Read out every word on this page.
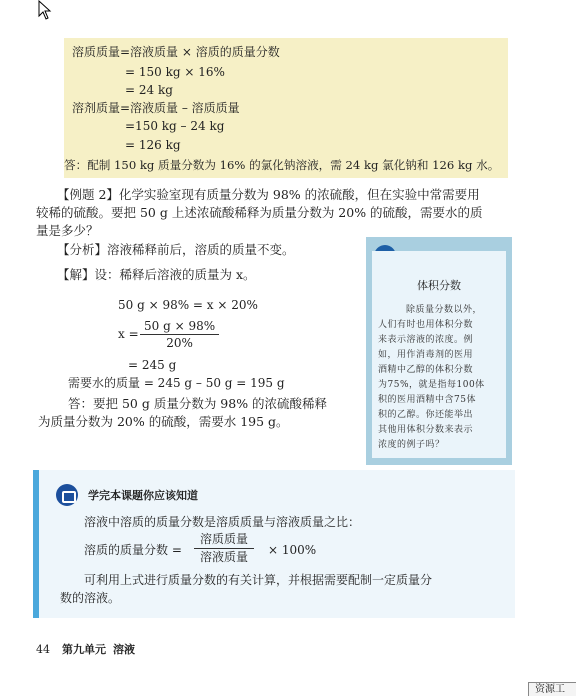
溶质质量=溶液质量 × 溶质的质量分数
= 150 kg × 16%
= 24 kg
溶剂质量=溶液质量 – 溶质质量
=150 kg – 24 kg
= 126 kg
答：配制 150 kg 质量分数为 16% 的氯化钠溶液，需 24 kg 氯化钠和 126 kg 水。
【例题 2】化学实验室现有质量分数为 98% 的浓硫酸，但在实验中常需要用
较稀的硫酸。要把 50 g 上述浓硫酸稀释为质量分数为 20% 的硫酸，需要水的质
量是多少？
【分析】溶液稀释前后，溶质的质量不变。
【解】设：稀释后溶液的质量为 x。
50 g × 98% = x × 20%
$x = \frac{50 g \times 98\%}{20\%}$
= 245 g
需要水的质量 = 245 g – 50 g = 195 g
答：要把 50 g 质量分数为 98% 的浓硫酸稀释
为质量分数为 20% 的硫酸，需要水 195 g。
体积分数
除质量分数以外，
人们有时也用体积分数
来表示溶液的浓度。例
如，用作消毒剂的医用
酒精中乙醇的体积分数
为75%，就是指每100体
积的医用酒精中含75体
积的乙醇。你还能举出
其他用体积分数来表示
浓度的例子吗？
学完本课题你应该知道
溶液中溶质的质量分数是溶质质量与溶液质量之比：
溶质的质量分数 =
溶质质量
溶液质量	× 100%
可利用上式进行质量分数的有关计算，并根据需要配制一定质量分
数的溶液。
44 第九单元 溶液
资源工
